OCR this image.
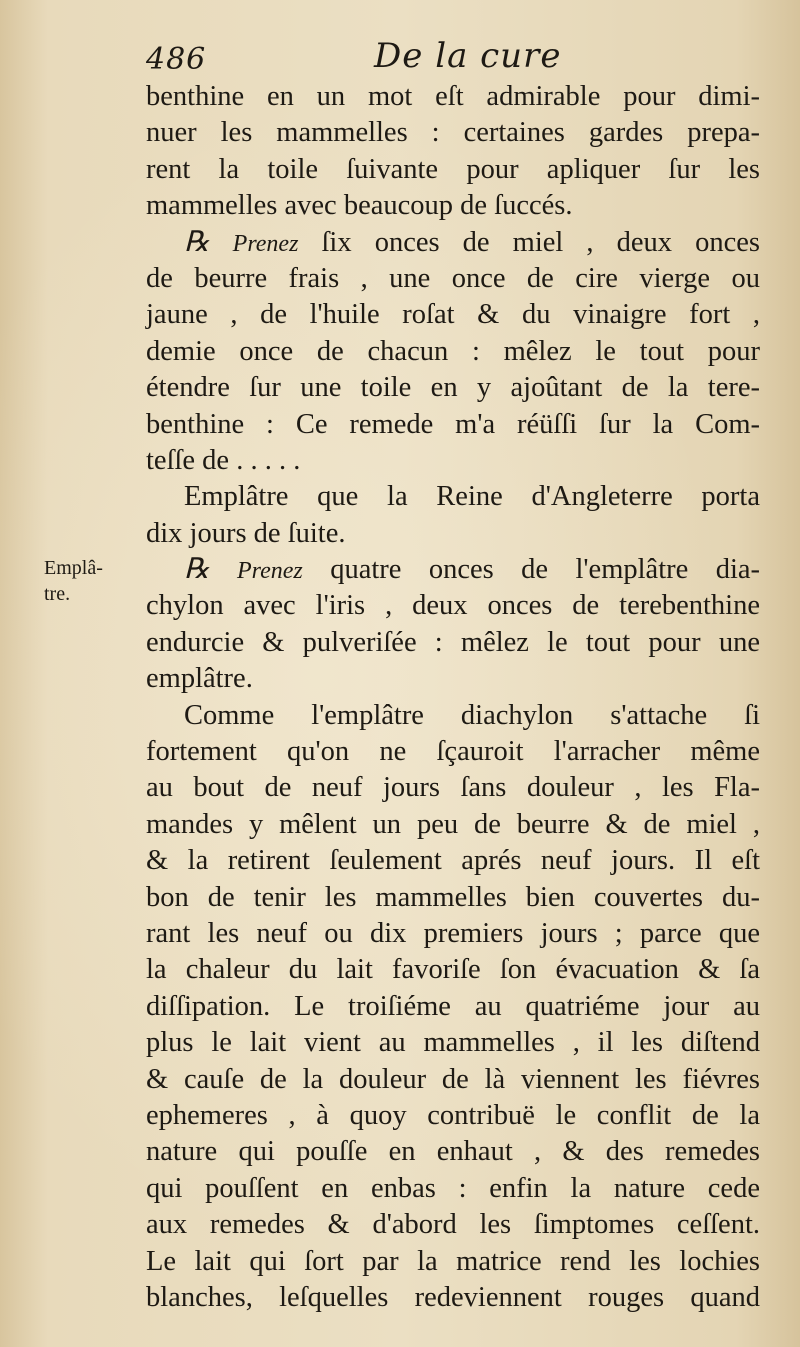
486	De la cure
Emplâ-
tre.
benthine en un mot eſt admirable pour dimi-
nuer les mammelles : certaines gardes prepa-
rent la toile ſuivante pour apliquer ſur les
mammelles avec beaucoup de ſuccés.
℞ Prenez ſix onces de miel , deux onces
de beurre frais , une once de cire vierge ou
jaune , de l'huile roſat & du vinaigre fort ,
demie once de chacun : mêlez le tout pour
étendre ſur une toile en y ajoûtant de la tere-
benthine : Ce remede m'a réüſſi ſur la Com-
teſſe de . . . . .
Emplâtre que la Reine d'Angleterre porta
dix jours de ſuite.
℞ Prenez quatre onces de l'emplâtre dia-
chylon avec l'iris , deux onces de terebenthine
endurcie & pulveriſée : mêlez le tout pour une
emplâtre.
Comme l'emplâtre diachylon s'attache ſi
fortement qu'on ne ſçauroit l'arracher même
au bout de neuf jours ſans douleur , les Fla-
mandes y mêlent un peu de beurre & de miel ,
& la retirent ſeulement aprés neuf jours. Il eſt
bon de tenir les mammelles bien couvertes du-
rant les neuf ou dix premiers jours ; parce que
la chaleur du lait favoriſe ſon évacuation & ſa
diſſipation. Le troiſiéme au quatriéme jour au
plus le lait vient au mammelles , il les diſtend
& cauſe de la douleur de là viennent les fiévres
ephemeres , à quoy contribuë le conflit de la
nature qui pouſſe en enhaut , & des remedes
qui pouſſent en enbas : enfin la nature cede
aux remedes & d'abord les ſimptomes ceſſent.
Le lait qui ſort par la matrice rend les lochies
blanches, leſquelles redeviennent rouges quand
